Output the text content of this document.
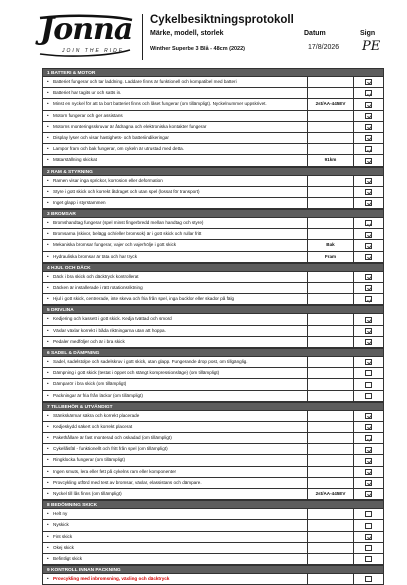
Jonna
JOIN THE RIDE
Cykelbesiktningsprotokoll
Märke, modell, storlek
Winther Superbe 3 Blå - 48cm (2022)
Datum	Sign
17/8/2026 PE
1 BATTERI & MOTOR
• Batteriet fungerar och tar laddning. Laddare finns är funktionell och kompatibel med batteri
• Batteriet har tagits ur och satts in.
• Minst en nyckel för att ta bort batteriet finns och låset fungerar (om tillämpligt). Nyckelnummer uppskrivet.	2st/AA-445EV
• Motorn fungerar och ger assistans
• Motorns monteringsskruvar är åtdragna och elektroniska kontakter fungerar
• Display lyser och visar hastighets- och batteriindikeringar
• Lampor fram och bak fungerar, om cykeln är utrustad med detta.
• Mätarställning skickat	91km
2 RAM & STYRNING
• Ramen visar inga sprickor, korrosion eller deformation
• Styre i gott skick och korrekt åtdraget och utan spel (lossat för transport)
• Inget glapp i styrstammen
3 BROMSAR
• Bromshandtag fungerar (spel minst fingerbredd mellan handtag och styre)
• Bromsarna (skivor, belägg och/eller bromsok) är i gott skick och rullar fritt
• Mekaniska bromsar fungerar, vajer och vajerhölje i gott skick	Bak
• Hydrauliska bromsar är täta och har tryck	Fram
4 HJUL OCH DÄCK
• Däck i bra skick och däcktryck kontrollerat
• Däcken är installerade i rätt rotationsriktning
• Hjul i gott skick, centrerade, inte skeva och fria från spel, inga bucklor eller skador på fälg
5 DRIVLINA
• Kedjering och kassett i gott skick. Kedja tvättad och smord
• Växlar växlar korrekt i båda riktningarna utan att hoppa.
• Pedaler medföljer och är i bra skick
6 SADEL & DÄMPNING
• Sadel, sadelstolpe och sadelskruv i gott skick, utan glapp. Fungerande drop post, om tillgänglig.
• Dämpning i gott skick (testat i öppet och stängt kompressionsläge) (om tillämpligt)
• Dämparör i bra skick (om tillämpligt)
• Packningar är fria från läckor (om tillämpligt)
7 TILLBEHÖR & UTVÄNDIGT
• Stänkskärmar säkra och korrekt placerade
• Kedjeskydd säkert och korrekt placerat
• Pakethållare är fast monterad och oskadad (om tillämpligt)
• Cykellåsfäl - funktionellt och fritt från spel (om tillämpligt)
• Ringklocka fungerar (om tillämpligt)
• Ingen smuts, lera eller fett på cykelns ram eller komponenter
• Provcykling utförd med test av bromsar, växlar, elassistans och dämpare.
• Nyckel till lås finns (om tillämpligt)	2st/AA-445EV
8 BEDÖMNING SKICK
• Helt ny
• Nyskick
• Fint skick
• Okej skick
• Befintligt skick
9 KONTROLL INNAN PACKNING
• Provcykling med inbromsning, växling och däcktryck
